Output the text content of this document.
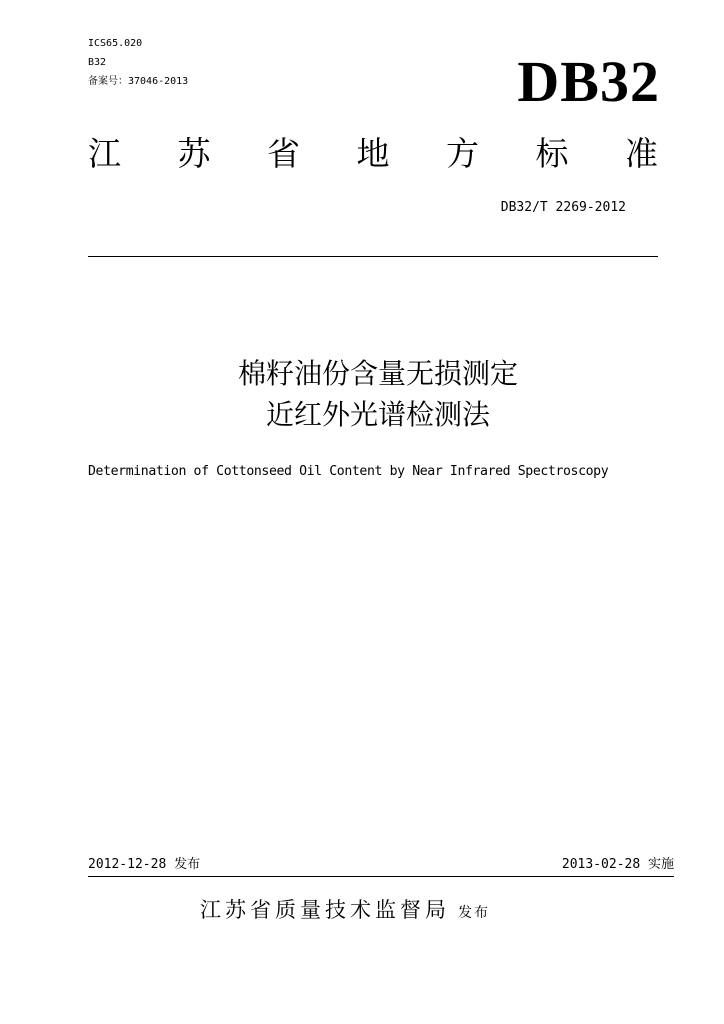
ICS65.020
B32
备案号：37046-2013	DB32
江 苏 省 地 方 标 准
DB32/T 2269-2012
棉籽油份含量无损测定
近红外光谱检测法
Determination of Cottonseed Oil Content by Near Infrared Spectroscopy
2012-12-28 发布	2013-02-28 实施
江苏省质量技术监督局 发布
